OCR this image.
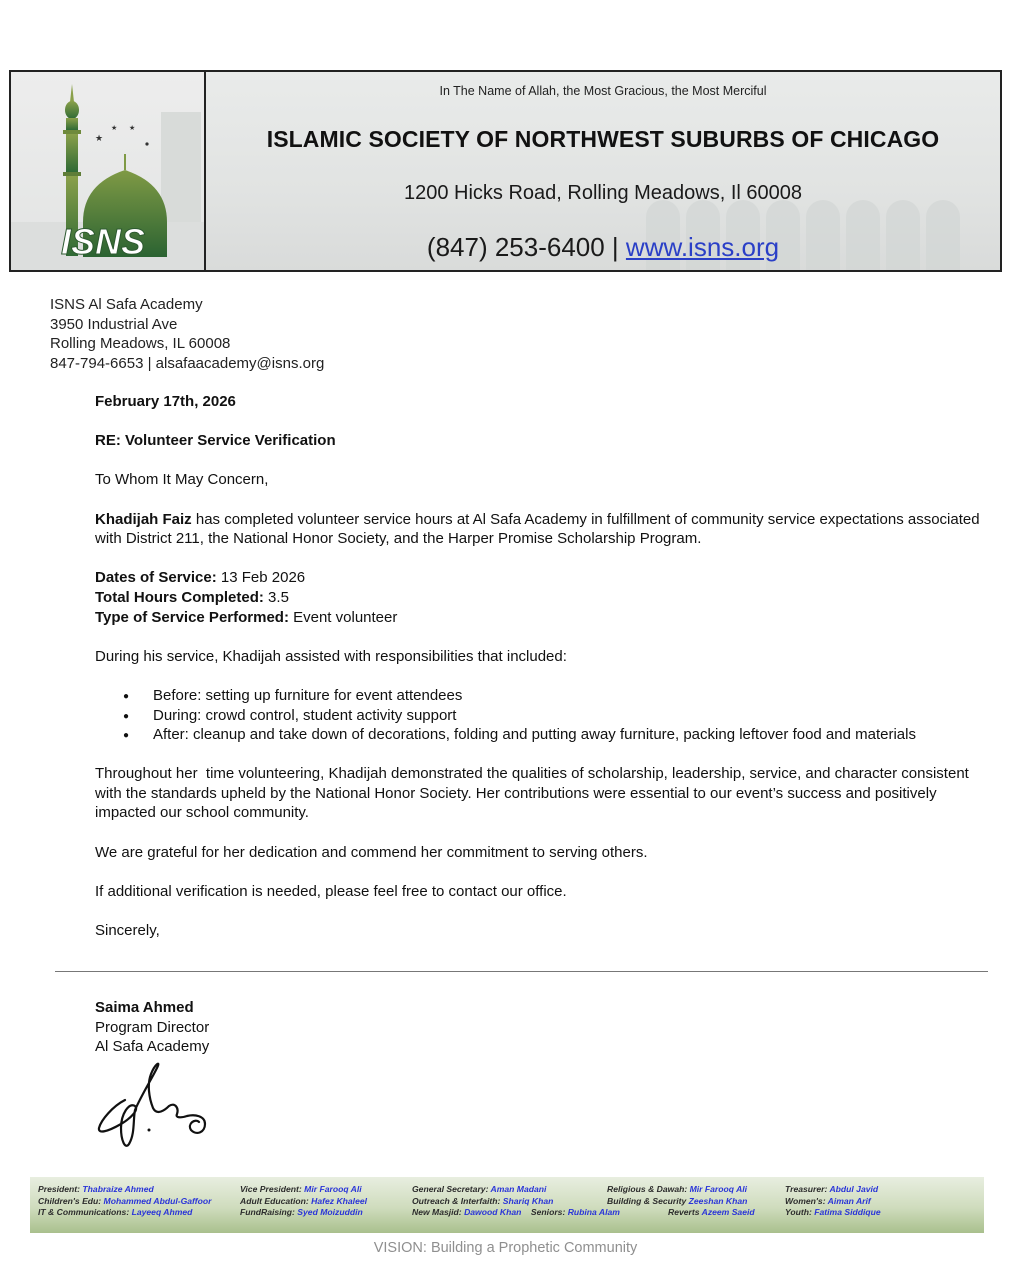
★
★ ★
ISNS
In The Name of Allah, the Most Gracious, the Most Merciful
ISLAMIC SOCIETY OF NORTHWEST SUBURBS OF CHICAGO
1200 Hicks Road, Rolling Meadows, Il 60008
(847) 253-6400 | www.isns.org
ISNS Al Safa Academy
3950 Industrial Ave
Rolling Meadows, IL 60008
847-794-6653 | alsafaacademy@isns.org

February 17th, 2026

RE: Volunteer Service Verification

To Whom It May Concern,

Khadijah Faiz has completed volunteer service hours at Al Safa Academy in fulfillment of community service expectations associated with District 211, the National Honor Society, and the Harper Promise Scholarship Program.

Dates of Service: 13 Feb 2026
Total Hours Completed: 3.5
Type of Service Performed: Event volunteer

During his service, Khadijah assisted with responsibilities that included:

● Before: setting up furniture for event attendees
● During: crowd control, student activity support
● After: cleanup and take down of decorations, folding and putting away furniture, packing leftover food and materials

Throughout her  time volunteering, Khadijah demonstrated the qualities of scholarship, leadership, service, and character consistent with the standards upheld by the National Honor Society. Her contributions were essential to our event’s success and positively impacted our school community.

We are grateful for her dedication and commend her commitment to serving others.

If additional verification is needed, please feel free to contact our office.

Sincerely,

Saima Ahmed
Program Director
Al Safa Academy
President: Thabraize Ahmed
Children's Edu: Mohammed Abdul-Gaffoor
IT & Communications: Layeeq Ahmed
Vice President: Mir Farooq Ali
Adult Education: Hafez Khaleel
FundRaising: Syed Moizuddin
General Secretary: Aman Madani
Outreach & Interfaith: Shariq Khan
New Masjid: Dawood Khan Seniors: Rubina Alam
Religious & Dawah: Mir Farooq Ali
Building & Security Zeeshan Khan
Reverts Azeem Saeid
Treasurer: Abdul Javid
Women's: Aiman Arif
Youth: Fatima Siddique
VISION: Building a Prophetic Community
